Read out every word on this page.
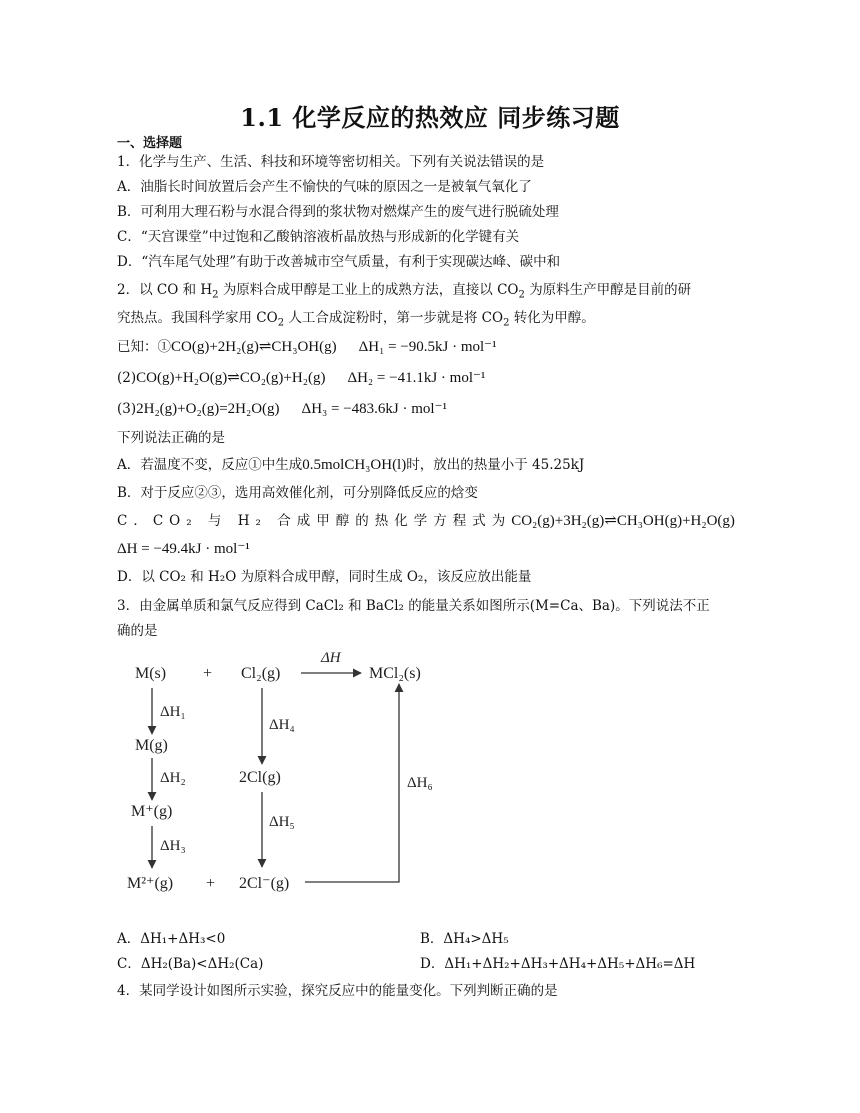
1.1 化学反应的热效应 同步练习题
一、选择题
1．化学与生产、生活、科技和环境等密切相关。下列有关说法错误的是
A．油脂长时间放置后会产生不愉快的气味的原因之一是被氧气氧化了
B．可利用大理石粉与水混合得到的浆状物对燃煤产生的废气进行脱硫处理
C．“天宫课堂”中过饱和乙酸钠溶液析晶放热与形成新的化学键有关
D．“汽车尾气处理”有助于改善城市空气质量，有利于实现碳达峰、碳中和
2．以 CO 和 $H_2$ 为原料合成甲醇是工业上的成熟方法，直接以 $CO_2$ 为原料生产甲醇是目前的研
究热点。我国科学家用 $CO_2$ 人工合成淀粉时，第一步就是将 $CO_2$ 转化为甲醇。
已知：①CO(g)+2H₂(g)⇌CH₃OH(g) ΔH₁ = −90.5kJ · mol⁻¹
(2)CO(g)+H₂O(g)⇌CO₂(g)+H₂(g) ΔH₂ = −41.1kJ · mol⁻¹
(3)2H₂(g)+O₂(g)=2H₂O(g) ΔH₃ = −483.6kJ · mol⁻¹
下列说法正确的是
A．若温度不变，反应①中生成0.5molCH₃OH(l)时，放出的热量小于 45.25kJ
B．对于反应②③，选用高效催化剂，可分别降低反应的焓变
C．CO₂ 与 H₂ 合成甲醇的热化学方程式为CO₂(g)+3H₂(g)⇌CH₃OH(g)+H₂O(g)
ΔH = −49.4kJ · mol⁻¹
D．以 CO₂ 和 H₂O 为原料合成甲醇，同时生成 O₂，该反应放出能量
3．由金属单质和氯气反应得到 CaCl₂ 和 BaCl₂ 的能量关系如图所示(M=Ca、Ba)。下列说法不正
确的是
M(s) + Cl₂(g)
ΔH
MCl₂(s)
ΔH₁
ΔH₄
M(g)
2Cl(g)
ΔH₂	ΔH₆
M⁺(g)
ΔH₅
ΔH₃
M²⁺(g) + 2Cl⁻(g)
A．ΔH₁+ΔH₃<0	B．ΔH₄>ΔH₅
C．ΔH₂(Ba)<ΔH₂(Ca)	D．ΔH₁+ΔH₂+ΔH₃+ΔH₄+ΔH₅+ΔH₆=ΔH
4．某同学设计如图所示实验，探究反应中的能量变化。下列判断正确的是
